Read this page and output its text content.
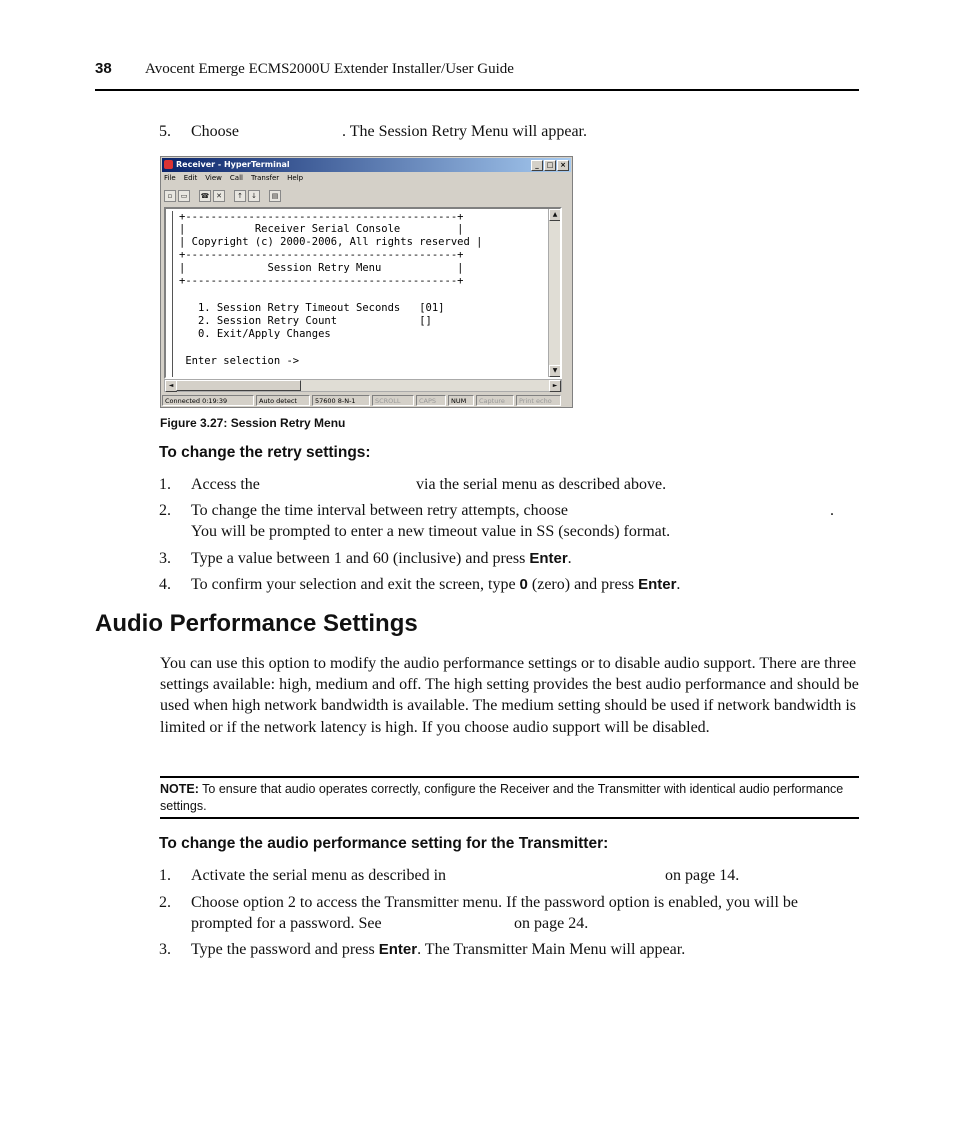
38 Avocent Emerge ECMS2000U Extender Installer/User Guide
5. Choose	. The Session Retry Menu will appear.
Receiver - HyperTerminal	_	□ ×
File Edit View Call Transfer Help
▫	▭	☎ ✕	↑	↓	▤
+-------------------------------------------+
|           Receiver Serial Console         |
| Copyright (c) 2000-2006, All rights reserved |
+-------------------------------------------+
|             Session Retry Menu            |
+-------------------------------------------+
1. Session Retry Timeout Seconds   [01]
2. Session Retry Count             []
0. Exit/Apply Changes
Enter selection ->
▲
▼
◄	►
Connected 0:19:39	Auto detect	57600 8-N-1	SCROLL	CAPS	NUM	Capture	Print echo
Figure 3.27: Session Retry Menu
To change the retry settings:
1. Access the	via the serial menu as described above.
2. To change the time interval between retry attempts, choose	.
You will be prompted to enter a new timeout value in SS (seconds) format.
3. Type a value between 1 and 60 (inclusive) and press Enter.
4. To confirm your selection and exit the screen, type 0 (zero) and press Enter.
Audio Performance Settings
You can use this option to modify the audio performance settings or to disable audio support. There are three settings available: high, medium and off. The high setting provides the best audio performance and should be used when high network bandwidth is available. The medium setting should be used if network bandwidth is limited or if the network latency is high. If you choose audio support will be disabled.
NOTE: To ensure that audio operates correctly, configure the Receiver and the Transmitter with identical audio performance settings.
To change the audio performance setting for the Transmitter:
1. Activate the serial menu as described in	on page 14.
2. Choose option 2 to access the Transmitter menu. If the password option is enabled, you will be
prompted for a password. See	on page 24.
3. Type the password and press Enter. The Transmitter Main Menu will appear.
